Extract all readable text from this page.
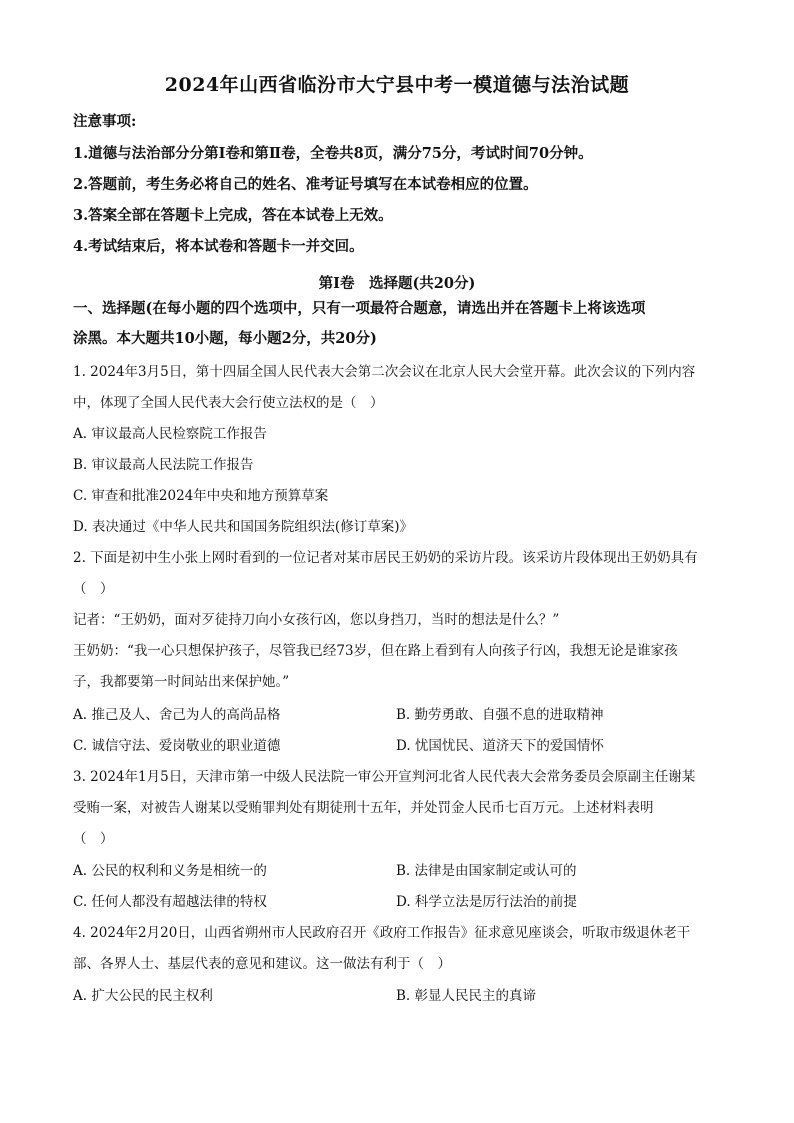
2024年山西省临汾市大宁县中考一模道德与法治试题
注意事项:
1.道德与法治部分分第Ⅰ卷和第Ⅱ卷，全卷共8页，满分75分，考试时间70分钟。
2.答题前，考生务必将自己的姓名、准考证号填写在本试卷相应的位置。
3.答案全部在答题卡上完成，答在本试卷上无效。
4.考试结束后，将本试卷和答题卡一并交回。
第Ⅰ卷　选择题(共20分)
一、选择题(在每小题的四个选项中，只有一项最符合题意，请选出并在答题卡上将该选项
涂黑。本大题共10小题，每小题2分，共20分)
1. 2024年3月5日，第十四届全国人民代表大会第二次会议在北京人民大会堂开幕。此次会议的下列内容
中，体现了全国人民代表大会行使立法权的是（　）
A. 审议最高人民检察院工作报告
B. 审议最高人民法院工作报告
C. 审查和批准2024年中央和地方预算草案
D. 表决通过《中华人民共和国国务院组织法(修订草案)》
2. 下面是初中生小张上网时看到的一位记者对某市居民王奶奶的采访片段。该采访片段体现出王奶奶具有
（　）
记者：“王奶奶，面对歹徒持刀向小女孩行凶，您以身挡刀，当时的想法是什么？”
王奶奶：“我一心只想保护孩子，尽管我已经73岁，但在路上看到有人向孩子行凶，我想无论是谁家孩
子，我都要第一时间站出来保护她。”
A. 推己及人、舍己为人的高尚品格	B. 勤劳勇敢、自强不息的进取精神
C. 诚信守法、爱岗敬业的职业道德	D. 忧国忧民、道济天下的爱国情怀
3. 2024年1月5日，天津市第一中级人民法院一审公开宣判河北省人民代表大会常务委员会原副主任谢某
受贿一案，对被告人谢某以受贿罪判处有期徒刑十五年，并处罚金人民币七百万元。上述材料表明
（　）
A. 公民的权利和义务是相统一的	B. 法律是由国家制定或认可的
C. 任何人都没有超越法律的特权	D. 科学立法是厉行法治的前提
4. 2024年2月20日，山西省朔州市人民政府召开《政府工作报告》征求意见座谈会，听取市级退休老干
部、各界人士、基层代表的意见和建议。这一做法有利于（　）
A. 扩大公民的民主权利	B. 彰显人民民主的真谛
